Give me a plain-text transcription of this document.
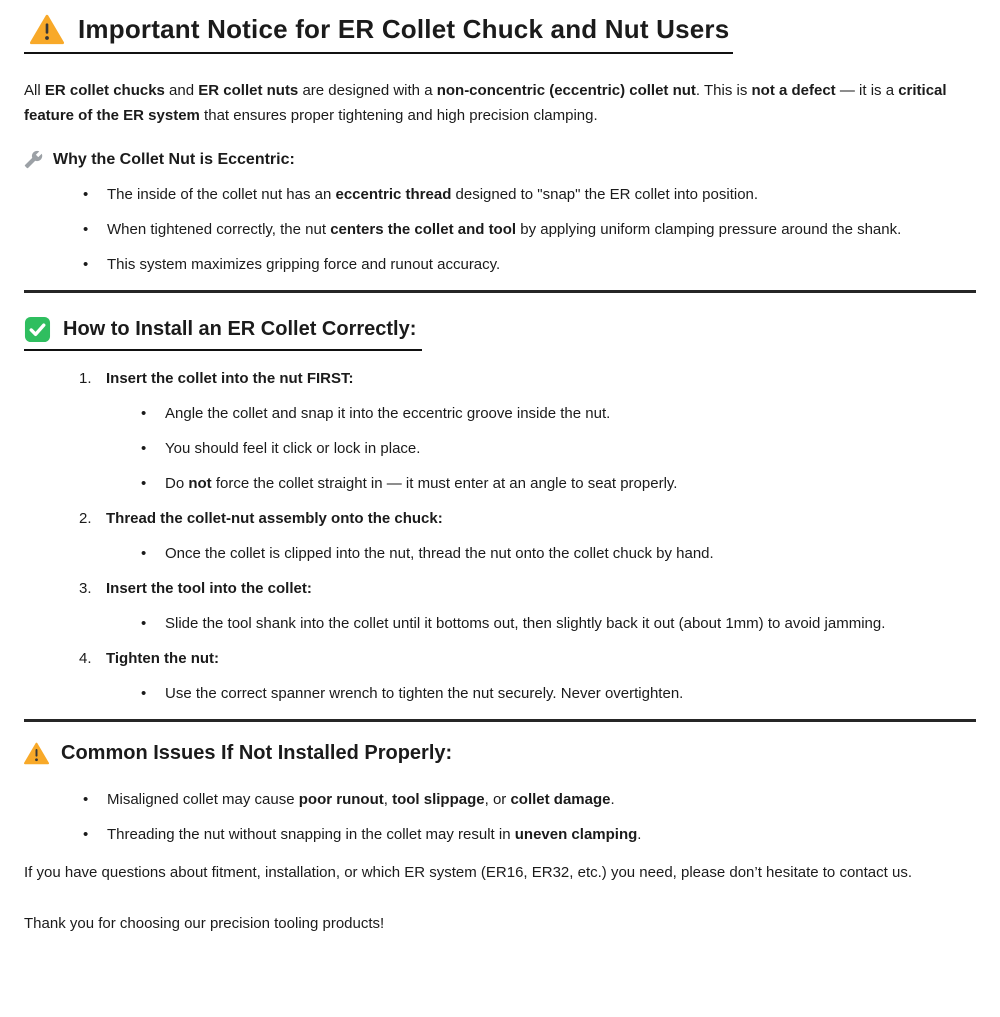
Important Notice for ER Collet Chuck and Nut Users

All ER collet chucks and ER collet nuts are designed with a non-concentric (eccentric) collet nut. This is not a defect — it is a critical feature of the ER system that ensures proper tightening and high precision clamping.

Why the Collet Nut is Eccentric:
• The inside of the collet nut has an eccentric thread designed to "snap" the ER collet into position.
• When tightened correctly, the nut centers the collet and tool by applying uniform clamping pressure around the shank.
• This system maximizes gripping force and runout accuracy.
How to Install an ER Collet Correctly:
1. Insert the collet into the nut FIRST:
• Angle the collet and snap it into the eccentric groove inside the nut.
• You should feel it click or lock in place.
• Do not force the collet straight in — it must enter at an angle to seat properly.
2. Thread the collet-nut assembly onto the chuck:
• Once the collet is clipped into the nut, thread the nut onto the collet chuck by hand.
3. Insert the tool into the collet:
• Slide the tool shank into the collet until it bottoms out, then slightly back it out (about 1mm) to avoid jamming.
4. Tighten the nut:
• Use the correct spanner wrench to tighten the nut securely. Never overtighten.
Common Issues If Not Installed Properly:
• Misaligned collet may cause poor runout, tool slippage, or collet damage.
• Threading the nut without snapping in the collet may result in uneven clamping.

If you have questions about fitment, installation, or which ER system (ER16, ER32, etc.) you need, please don’t hesitate to contact us.

Thank you for choosing our precision tooling products!
